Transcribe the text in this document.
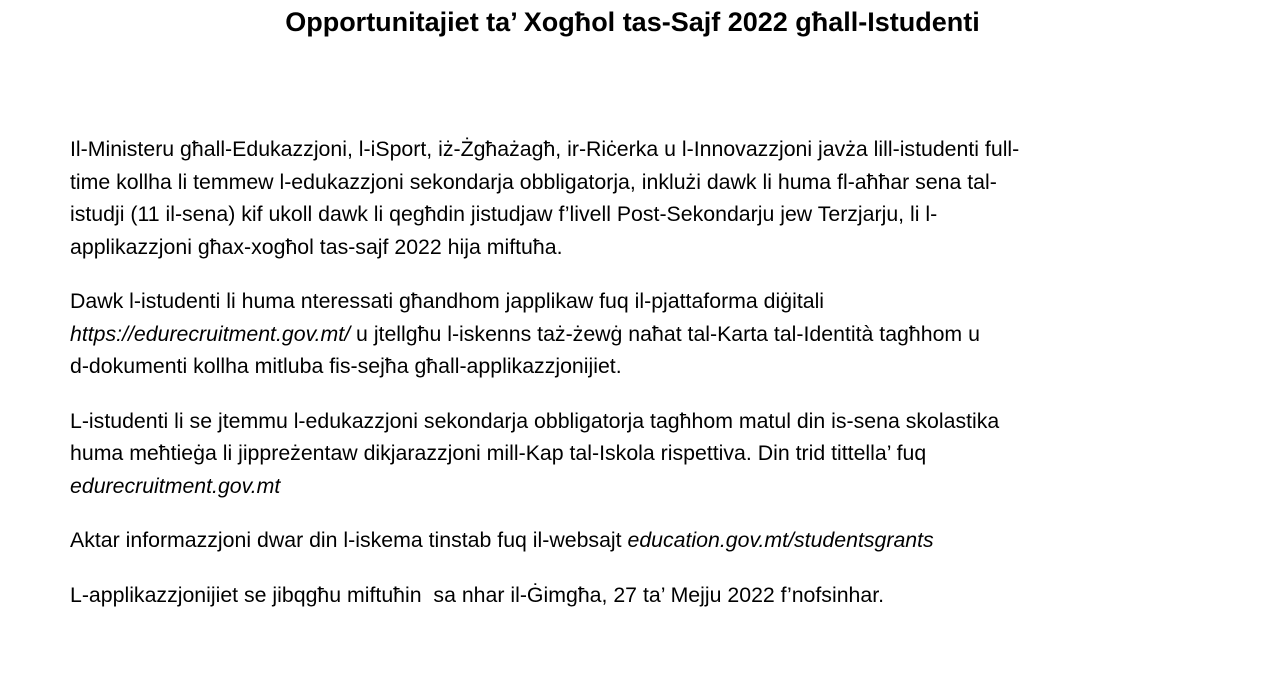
Opportunitajiet ta’ Xogħol tas-Sajf 2022 għall-Istudenti

Il-Ministeru għall-Edukazzjoni, l-iSport, iż-Żgħażagħ, ir-Riċerka u l-Innovazzjoni javża lill-istudenti full-
time kollha li temmew l-edukazzjoni sekondarja obbligatorja, inklużi dawk li huma fl-aħħar sena tal-
istudji (11 il-sena) kif ukoll dawk li qegħdin jistudjaw f’livell Post-Sekondarju jew Terzjarju, li l-
applikazzjoni għax-xogħol tas-sajf 2022 hija miftuħa.

Dawk l-istudenti li huma nteressati għandhom japplikaw fuq il-pjattaforma diġitali
https://edurecruitment.gov.mt/ u jtellgħu l-iskenns taż-żewġ naħat tal-Karta tal-Identità tagħhom u
d-dokumenti kollha mitluba fis-sejħa għall-applikazzjonijiet.

L-istudenti li se jtemmu l-edukazzjoni sekondarja obbligatorja tagħhom matul din is-sena skolastika
huma meħtieġa li jippreżentaw dikjarazzjoni mill-Kap tal-Iskola rispettiva. Din trid tittella’ fuq
edurecruitment.gov.mt

Aktar informazzjoni dwar din l-iskema tinstab fuq il-websajt education.gov.mt/studentsgrants

L-applikazzjonijiet se jibqgħu miftuħin  sa nhar il-Ġimgħa, 27 ta’ Mejju 2022 f’nofsinhar.
